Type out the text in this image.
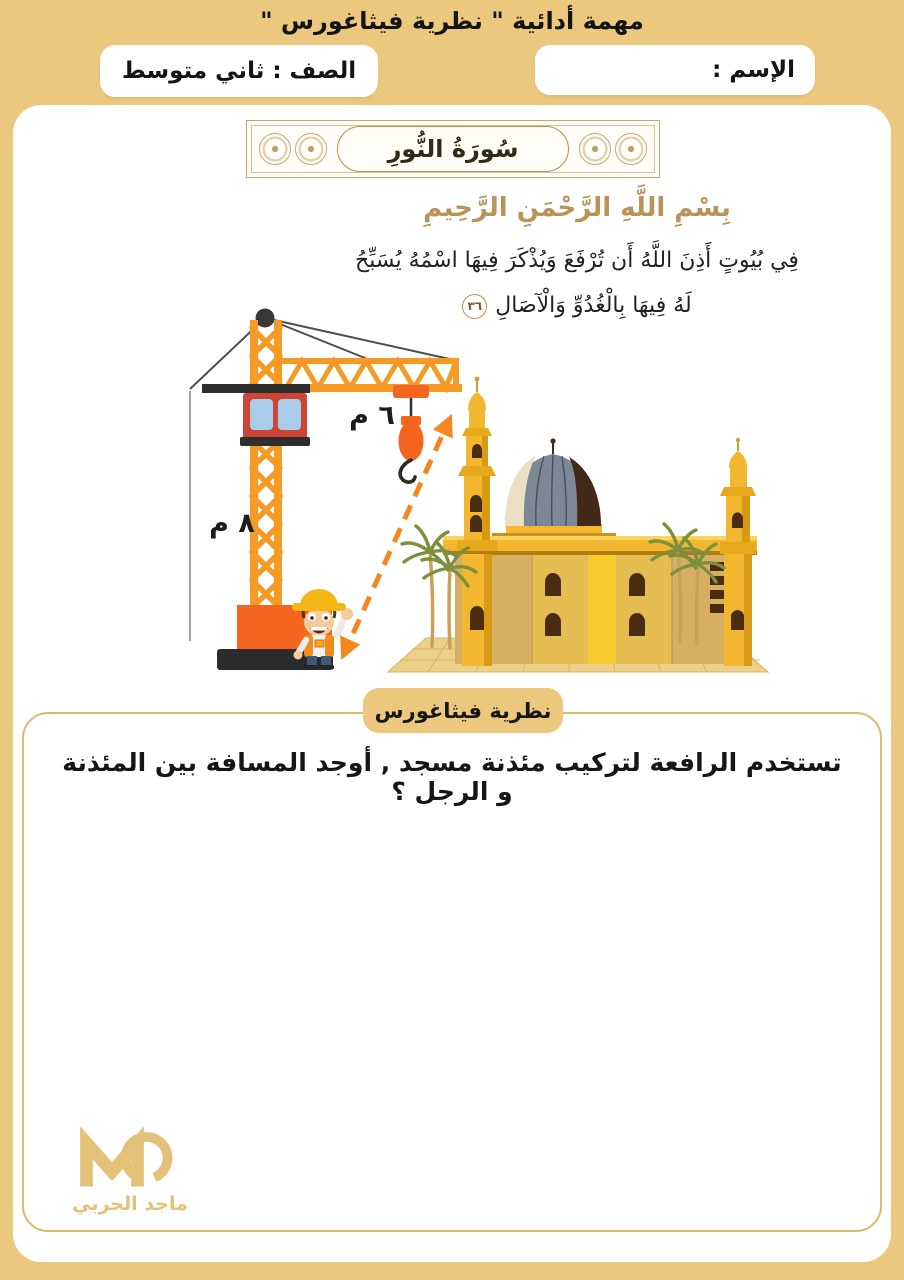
مهمة أدائية " نظرية فيثاغورس "
الإسم :
الصف : ثاني متوسط
سُورَةُ النُّورِ
بِسْمِ اللَّهِ الرَّحْمَنِ الرَّحِيمِ
فِي بُيُوتٍ أَذِنَ اللَّهُ أَن تُرْفَعَ وَيُذْكَرَ فِيهَا اسْمُهُ يُسَبِّحُ
لَهُ فِيهَا بِالْغُدُوِّ وَالْآصَالِ٣٦
٦ م
٨ م
نظرية فيثاغورس
تستخدم الرافعة لتركيب مئذنة مسجد , أوجد المسافة بين المئذنة و الرجل ؟
ماجد الحربي
